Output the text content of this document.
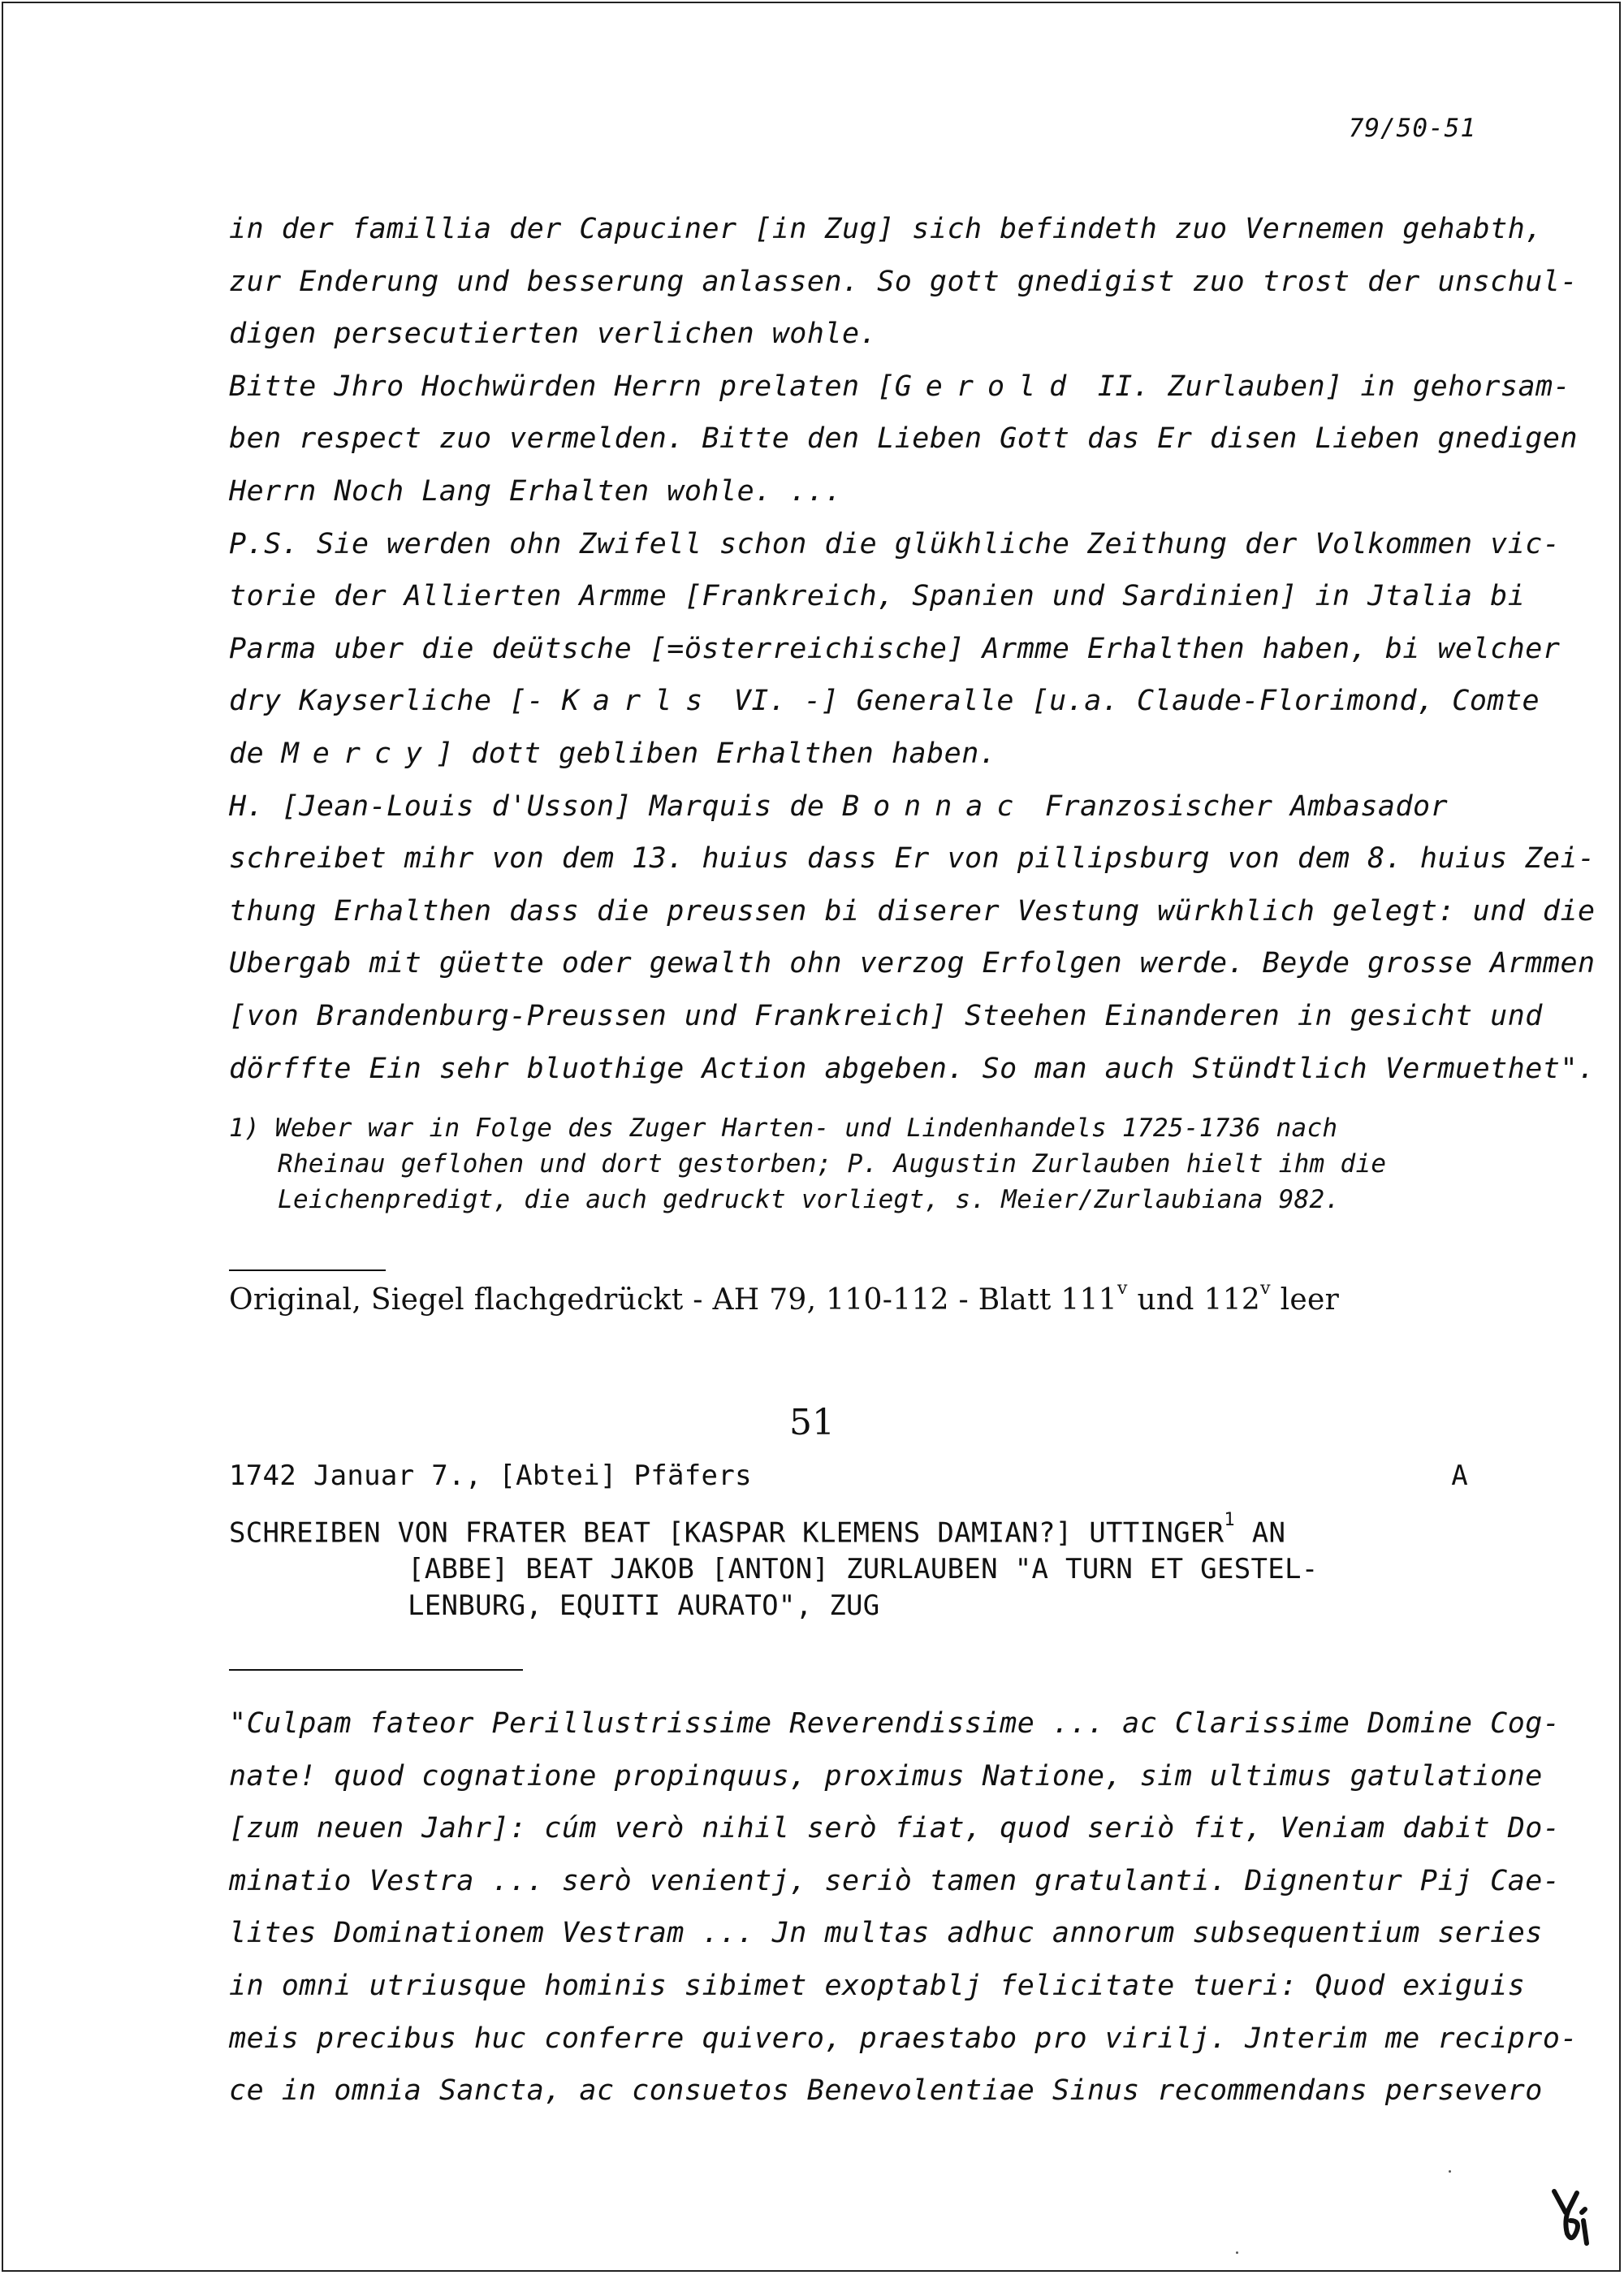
79/50-51
in der famillia der Capuciner [in Zug] sich befindeth zuo Vernemen gehabth,
zur Enderung und besserung anlassen. So gott gnedigist zuo trost der unschul-
digen persecutierten verlichen wohle.
Bitte Jhro Hochwürden Herrn prelaten [Gerold II. Zurlauben] in gehorsam-
ben respect zuo vermelden. Bitte den Lieben Gott das Er disen Lieben gnedigen
Herrn Noch Lang Erhalten wohle. ...
P.S. Sie werden ohn Zwifell schon die glükhliche Zeithung der Volkommen vic-
torie der Allierten Armme [Frankreich, Spanien und Sardinien] in Jtalia bi
Parma uber die deütsche [=österreichische] Armme Erhalthen haben, bi welcher
dry Kayserliche [- Karls VI. -] Generalle [u.a. Claude-Florimond, Comte
de Mercy] dott gebliben Erhalthen haben.
H. [Jean-Louis d'Usson] Marquis de Bonnac Franzosischer Ambasador
schreibet mihr von dem 13. huius dass Er von pillipsburg von dem 8. huius Zei-
thung Erhalthen dass die preussen bi diserer Vestung würkhlich gelegt: und die
Ubergab mit güette oder gewalth ohn verzog Erfolgen werde. Beyde grosse Armmen
[von Brandenburg-Preussen und Frankreich] Steehen Einanderen in gesicht und
dörffte Ein sehr bluothige Action abgeben. So man auch Stündtlich Vermuethet".
1) Weber war in Folge des Zuger Harten- und Lindenhandels 1725-1736 nach
Rheinau geflohen und dort gestorben; P. Augustin Zurlauben hielt ihm die
Leichenpredigt, die auch gedruckt vorliegt, s. Meier/Zurlaubiana 982.
Original, Siegel flachgedrückt - AH 79, 110-112 - Blatt 111$^v$ und 112$^v$ leer
51
1742 Januar 7., [Abtei] Pfäfers	A
SCHREIBEN VON FRATER BEAT [KASPAR KLEMENS DAMIAN?] UTTINGER$^1$ AN
[ABBE] BEAT JAKOB [ANTON] ZURLAUBEN "A TURN ET GESTEL-
LENBURG, EQUITI AURATO", ZUG
"Culpam fateor Perillustrissime Reverendissime ... ac Clarissime Domine Cog-
nate! quod cognatione propinquus, proximus Natione, sim ultimus gatulatione
[zum neuen Jahr]: cúm verò nihil serò fiat, quod seriò fit, Veniam dabit Do-
minatio Vestra ... serò venientj, seriò tamen gratulanti. Dignentur Pij Cae-
lites Dominationem Vestram ... Jn multas adhuc annorum subsequentium series
in omni utriusque hominis sibimet exoptablj felicitate tueri: Quod exiguis
meis precibus huc conferre quivero, praestabo pro virilj. Jnterim me recipro-
ce in omnia Sancta, ac consuetos Benevolentiae Sinus recommendans persevero
